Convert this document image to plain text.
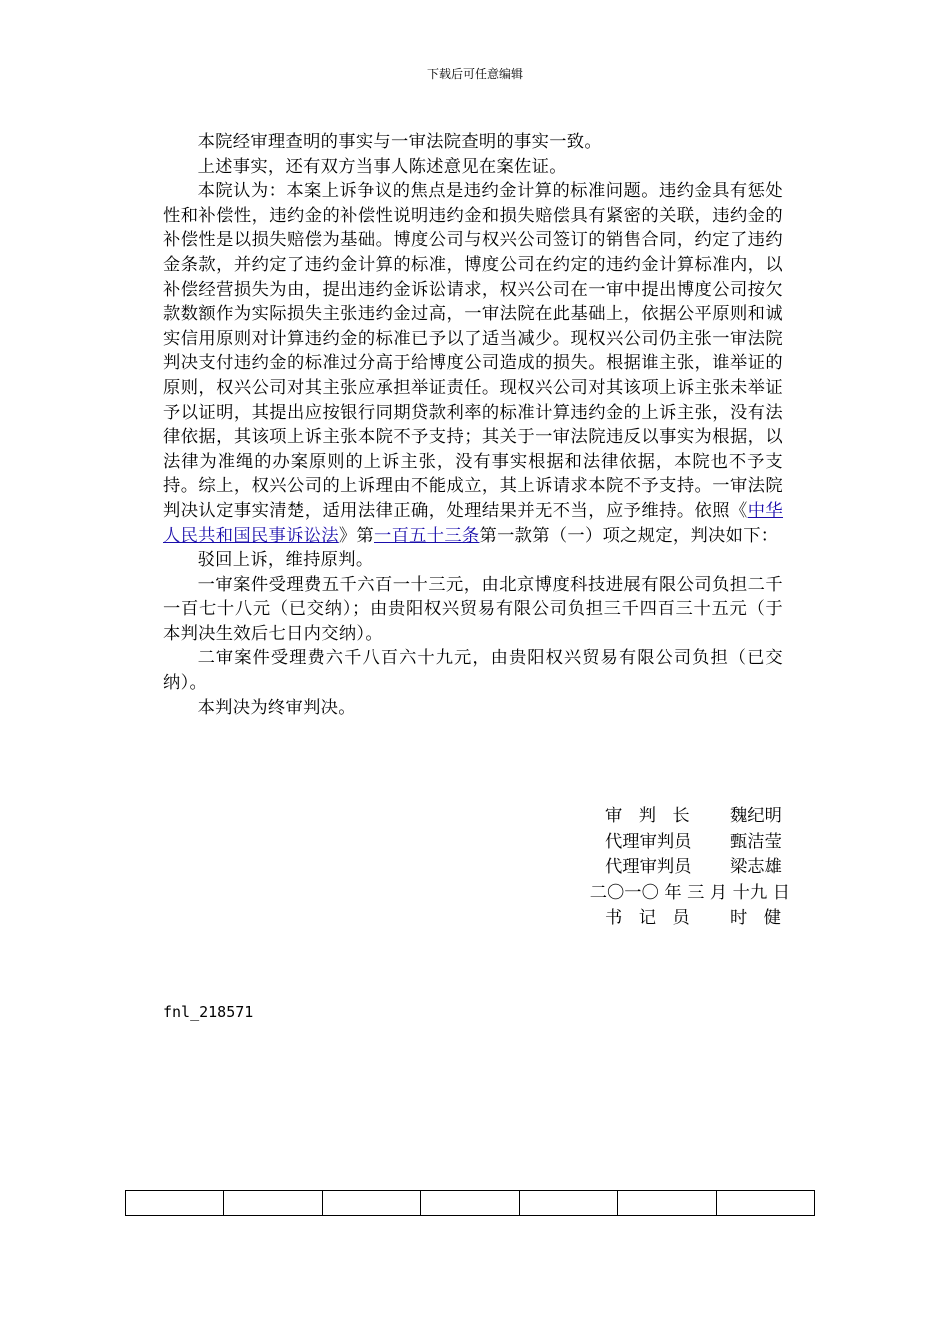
下载后可任意编辑

本院经审理查明的事实与一审法院查明的事实一致。

上述事实，还有双方当事人陈述意见在案佐证。

本院认为：本案上诉争议的焦点是违约金计算的标准问题。违约金具有惩处性和补偿性，违约金的补偿性说明违约金和损失赔偿具有紧密的关联，违约金的补偿性是以损失赔偿为基础。博度公司与权兴公司签订的销售合同，约定了违约金条款，并约定了违约金计算的标准，博度公司在约定的违约金计算标准内，以补偿经营损失为由，提出违约金诉讼请求，权兴公司在一审中提出博度公司按欠款数额作为实际损失主张违约金过高，一审法院在此基础上，依据公平原则和诚实信用原则对计算违约金的标准已予以了适当减少。现权兴公司仍主张一审法院判决支付违约金的标准过分高于给博度公司造成的损失。根据谁主张，谁举证的原则，权兴公司对其主张应承担举证责任。现权兴公司对其该项上诉主张未举证予以证明，其提出应按银行同期贷款利率的标准计算违约金的上诉主张，没有法律依据，其该项上诉主张本院不予支持；其关于一审法院违反以事实为根据，以法律为准绳的办案原则的上诉主张，没有事实根据和法律依据，本院也不予支持。综上，权兴公司的上诉理由不能成立，其上诉请求本院不予支持。一审法院判决认定事实清楚，适用法律正确，处理结果并无不当，应予维持。依照《中华人民共和国民事诉讼法》第一百五十三条第一款第（一）项之规定，判决如下：

驳回上诉，维持原判。

一审案件受理费五千六百一十三元，由北京博度科技进展有限公司负担二千一百七十八元（已交纳）；由贵阳权兴贸易有限公司负担三千四百三十五元（于本判决生效后七日内交纳）。

二审案件受理费六千八百六十九元，由贵阳权兴贸易有限公司负担（已交纳）。

本判决为终审判决。

审判长	魏纪明
代理审判员	甄洁莹
代理审判员	梁志雄
二〇一〇 年 三 月 十九 日
书记员	时健
fnl_218571
